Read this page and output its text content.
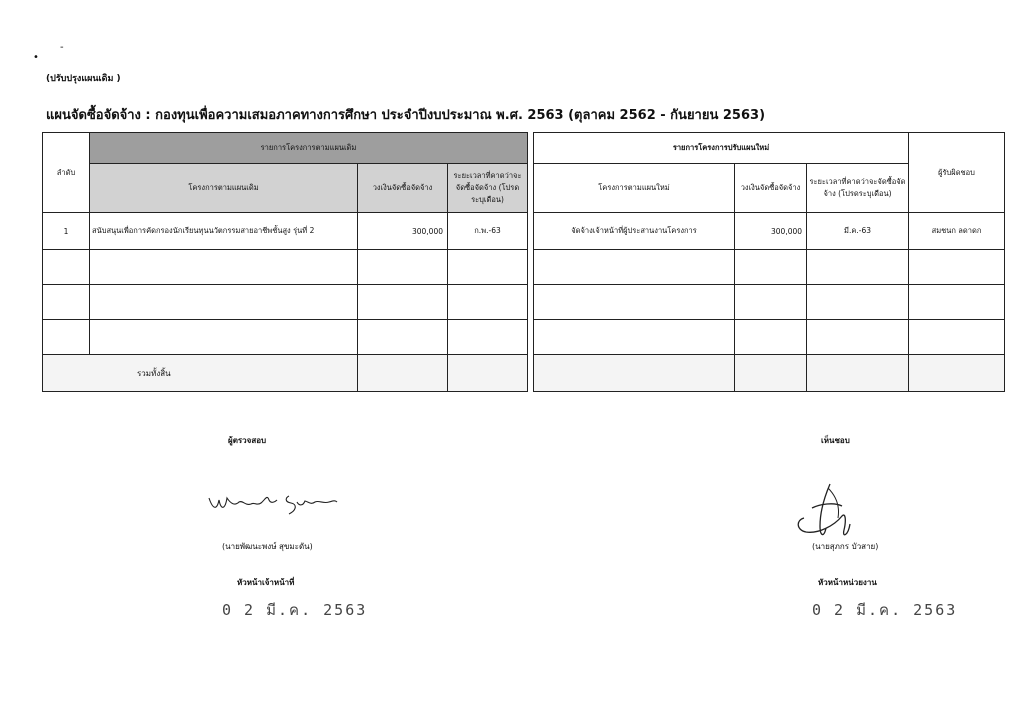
-
•
(ปรับปรุงแผนเดิม )
แผนจัดซื้อจัดจ้าง : กองทุนเพื่อความเสมอภาคทางการศึกษา ประจำปีงบประมาณ พ.ศ. 2563 (ตุลาคม 2562 - กันยายน 2563)
ลำดับ	รายการโครงการตามแผนเดิม				รายการโครงการปรับแผนใหม่			ผู้รับผิดชอบ
	โครงการตามแผนเดิม	วงเงินจัดซื้อจัดจ้าง	ระยะเวลาที่คาดว่าจะจัดซื้อจัดจ้าง (โปรดระบุเดือน)		โครงการตามแผนใหม่	วงเงินจัดซื้อจัดจ้าง	ระยะเวลาที่คาดว่าจะจัดซื้อจัดจ้าง (โปรดระบุเดือน)	
1	สนับสนุนเพื่อการคัดกรองนักเรียนทุนนวัตกรรมสายอาชีพชั้นสูง รุ่นที่ 2	300,000	ก.พ.-63		จัดจ้างเจ้าหน้าที่ผู้ประสานงานโครงการ	300,000	มี.ค.-63	สมชนก ลดาดก

รวมทั้งสิ้น								
ผู้ตรวจสอบ
(นายพัฒนะพงษ์ สุขมะดัน)
หัวหน้าเจ้าหน้าที่
0 2 มี.ค. 2563
เห็นชอบ
(นายสุภกร บัวสาย)
หัวหน้าหน่วยงาน
0 2 มี.ค. 2563
